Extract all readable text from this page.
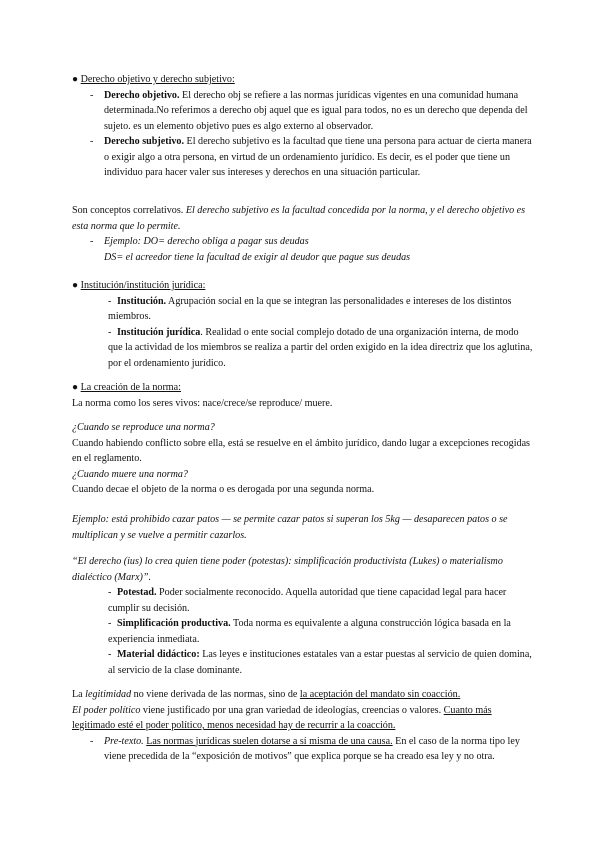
● Derecho objetivo y derecho subjetivo:

- Derecho objetivo. El derecho obj se refiere a las normas jurídicas vigentes en una comunidad humana determinada.No referimos a derecho obj aquel que es igual para todos, no es un derecho que dependa del sujeto. es un elemento objetivo pues es algo externo al observador.
- Derecho subjetivo. El derecho subjetivo es la facultad que tiene una persona para actuar de cierta manera o exigir algo a otra persona, en virtud de un ordenamiento jurídico. Es decir, es el poder que tiene un individuo para hacer valer sus intereses y derechos en una situación particular.

Son conceptos correlativos. El derecho subjetivo es la facultad concedida por la norma, y el derecho objetivo es esta norma que lo permite.

- Ejemplo: DO= derecho obliga a pagar sus deudas
DS= el acreedor tiene la facultad de exigir al deudor que pague sus deudas

● Institución/institución jurídica:

- Institución. Agrupación social en la que se integran las personalidades e intereses de los distintos miembros.
- Institución jurídica. Realidad o ente social complejo dotado de una organización interna, de modo que la actividad de los miembros se realiza a partir del orden exigido en la idea directriz que los aglutina, por el ordenamiento jurídico.

● La creación de la norma:

La norma como los seres vivos: nace/crece/se reproduce/ muere.

¿Cuando se reproduce una norma?

Cuando habiendo conflicto sobre ella, está se resuelve en el ámbito jurídico, dando lugar a excepciones recogidas en el reglamento.

¿Cuando muere una norma?

Cuando decae el objeto de la norma o es derogada por una segunda norma.

Ejemplo: está prohibido cazar patos — se permite cazar patos si superan los 5kg — desaparecen patos o se multiplican y se vuelve a permitir cazarlos.

“El derecho (ius) lo crea quien tiene poder (potestas): simplificación productivista (Lukes) o materialismo dialéctico (Marx)”.

- Potestad. Poder socialmente reconocido. Aquella autoridad que tiene capacidad legal para hacer cumplir su decisión.
- Simplificación productiva. Toda norma es equivalente a alguna construcción lógica basada en la experiencia inmediata.
- Material didáctico: Las leyes e instituciones estatales van a estar puestas al servicio de quien domina, al servicio de la clase dominante.

La legitimidad no viene derivada de las normas, sino de la aceptación del mandato sin coacción.

El poder político viene justificado por una gran variedad de ideologías, creencias o valores. Cuanto más legitimado esté el poder político, menos necesidad hay de recurrir a la coacción.

- Pre-texto. Las normas jurídicas suelen dotarse a sí misma de una causa. En el caso de la norma tipo ley viene precedida de la “exposición de motivos” que explica porque se ha creado esa ley y no otra.
